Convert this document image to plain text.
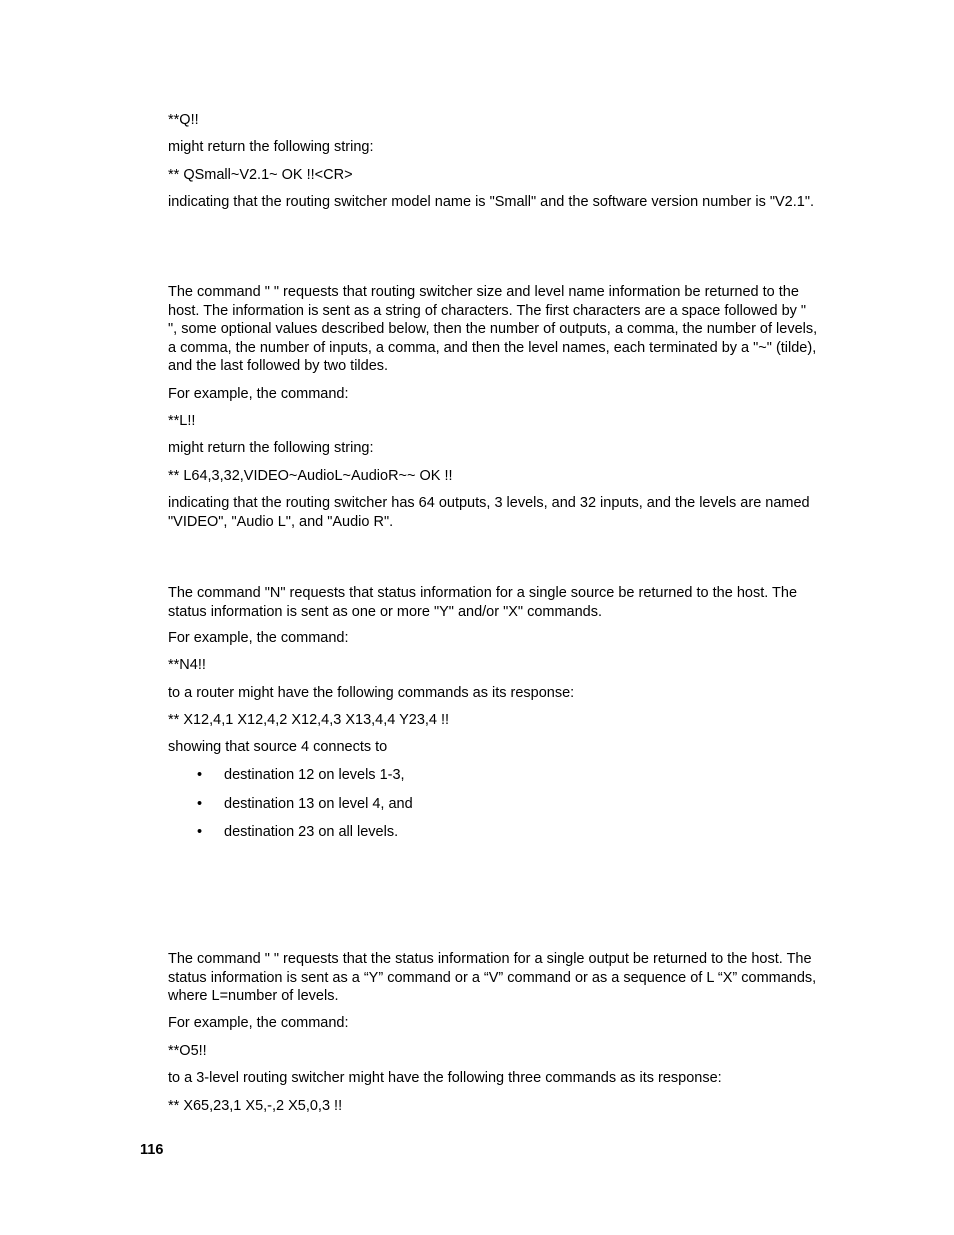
**Q!!

might return the following string:

** QSmall~V2.1~ OK !!<CR>

indicating that the routing switcher model name is "Small" and the software version number is "V2.1".

The command " " requests that routing switcher size and level name information be returned to the host. The information is sent as a string of characters. The first characters are a space followed by " ", some optional values described below, then the number of outputs, a comma, the number of levels, a comma, the number of inputs, a comma, and then the level names, each terminated by a "~" (tilde), and the last followed by two tildes.

For example, the command:

**L!!

might return the following string:

** L64,3,32,VIDEO~AudioL~AudioR~~ OK !!

indicating that the routing switcher has 64 outputs, 3 levels, and 32 inputs, and the levels are named "VIDEO", "Audio L", and "Audio R".

The command "N" requests that status information for a single source be returned to the host. The status information is sent as one or more "Y" and/or "X" commands.

For example, the command:

**N4!!

to a router might have the following commands as its response:

** X12,4,1 X12,4,2 X12,4,3 X13,4,4 Y23,4 !!

showing that source 4 connects to

• destination 12 on levels 1-3,
• destination 13 on level 4, and
• destination 23 on all levels.

The command " " requests that the status information for a single output be returned to the host. The status information is sent as a “Y” command or a “V” command or as a sequence of L “X” commands, where L=number of levels.

For example, the command:

**O5!!

to a 3-level routing switcher might have the following three commands as its response:

** X65,23,1 X5,-,2 X5,0,3 !!

116
